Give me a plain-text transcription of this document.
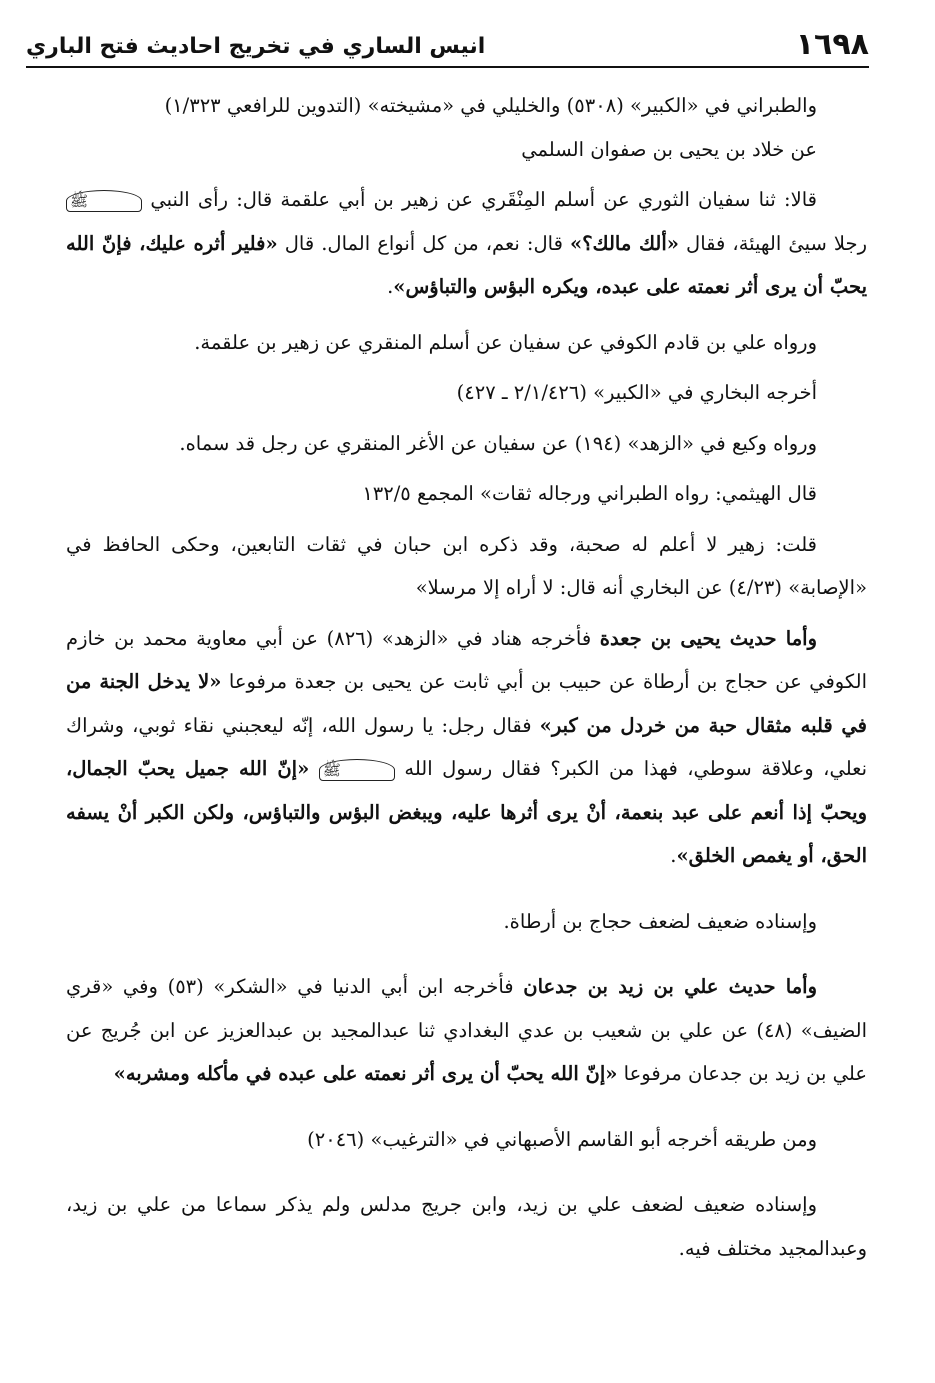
١٦٩٨
انيس الساري في تخريج احاديث فتح الباري

والطبراني في «الكبير» (٥٣٠٨) والخليلي في «مشيخته» (التدوين للرافعي ١/٣٢٣)

عن خلاد بن يحيى بن صفوان السلمي

قالا: ثنا سفيان الثوري عن أسلم المِنْقَري عن زهير بن أبي علقمة قال: رأى النبي ﷺ رجلا سيئ الهيئة، فقال «ألك مالك؟» قال: نعم، من كل أنواع المال. قال «فلير أثره عليك، فإنّ الله يحبّ أن يرى أثر نعمته على عبده، ويكره البؤس والتباؤس».

ورواه علي بن قادم الكوفي عن سفيان عن أسلم المنقري عن زهير بن علقمة.

أخرجه البخاري في «الكبير» (٢/١/٤٢٦ ـ ٤٢٧)

ورواه وكيع في «الزهد» (١٩٤) عن سفيان عن الأغر المنقري عن رجل قد سماه.

قال الهيثمي: رواه الطبراني ورجاله ثقات» المجمع ١٣٢/٥

قلت: زهير لا أعلم له صحبة، وقد ذكره ابن حبان في ثقات التابعين، وحكى الحافظ في «الإصابة» (٤/٢٣) عن البخاري أنه قال: لا أراه إلا مرسلا»

وأما حديث يحيى بن جعدة فأخرجه هناد في «الزهد» (٨٢٦) عن أبي معاوية محمد بن خازم الكوفي عن حجاج بن أرطاة عن حبيب بن أبي ثابت عن يحيى بن جعدة مرفوعا «لا يدخل الجنة من في قلبه مثقال حبة من خردل من كبر» فقال رجل: يا رسول الله، إنّه ليعجبني نقاء ثوبي، وشراك نعلي، وعلاقة سوطي، فهذا من الكبر؟ فقال رسول الله ﷺ «إنّ الله جميل يحبّ الجمال، ويحبّ إذا أنعم على عبد بنعمة، أنْ يرى أثرها عليه، ويبغض البؤس والتباؤس، ولكن الكبر أنْ يسفه الحق، أو يغمص الخلق».

وإسناده ضعيف لضعف حجاج بن أرطاة.

وأما حديث علي بن زيد بن جدعان فأخرجه ابن أبي الدنيا في «الشكر» (٥٣) وفي «قري الضيف» (٤٨) عن علي بن شعيب بن عدي البغدادي ثنا عبدالمجيد بن عبدالعزيز عن ابن جُريج عن علي بن زيد بن جدعان مرفوعا «إنّ الله يحبّ أن يرى أثر نعمته على عبده في مأكله ومشربه»

ومن طريقه أخرجه أبو القاسم الأصبهاني في «الترغيب» (٢٠٤٦)

وإسناده ضعيف لضعف علي بن زيد، وابن جريج مدلس ولم يذكر سماعا من علي بن زيد، وعبدالمجيد مختلف فيه.
